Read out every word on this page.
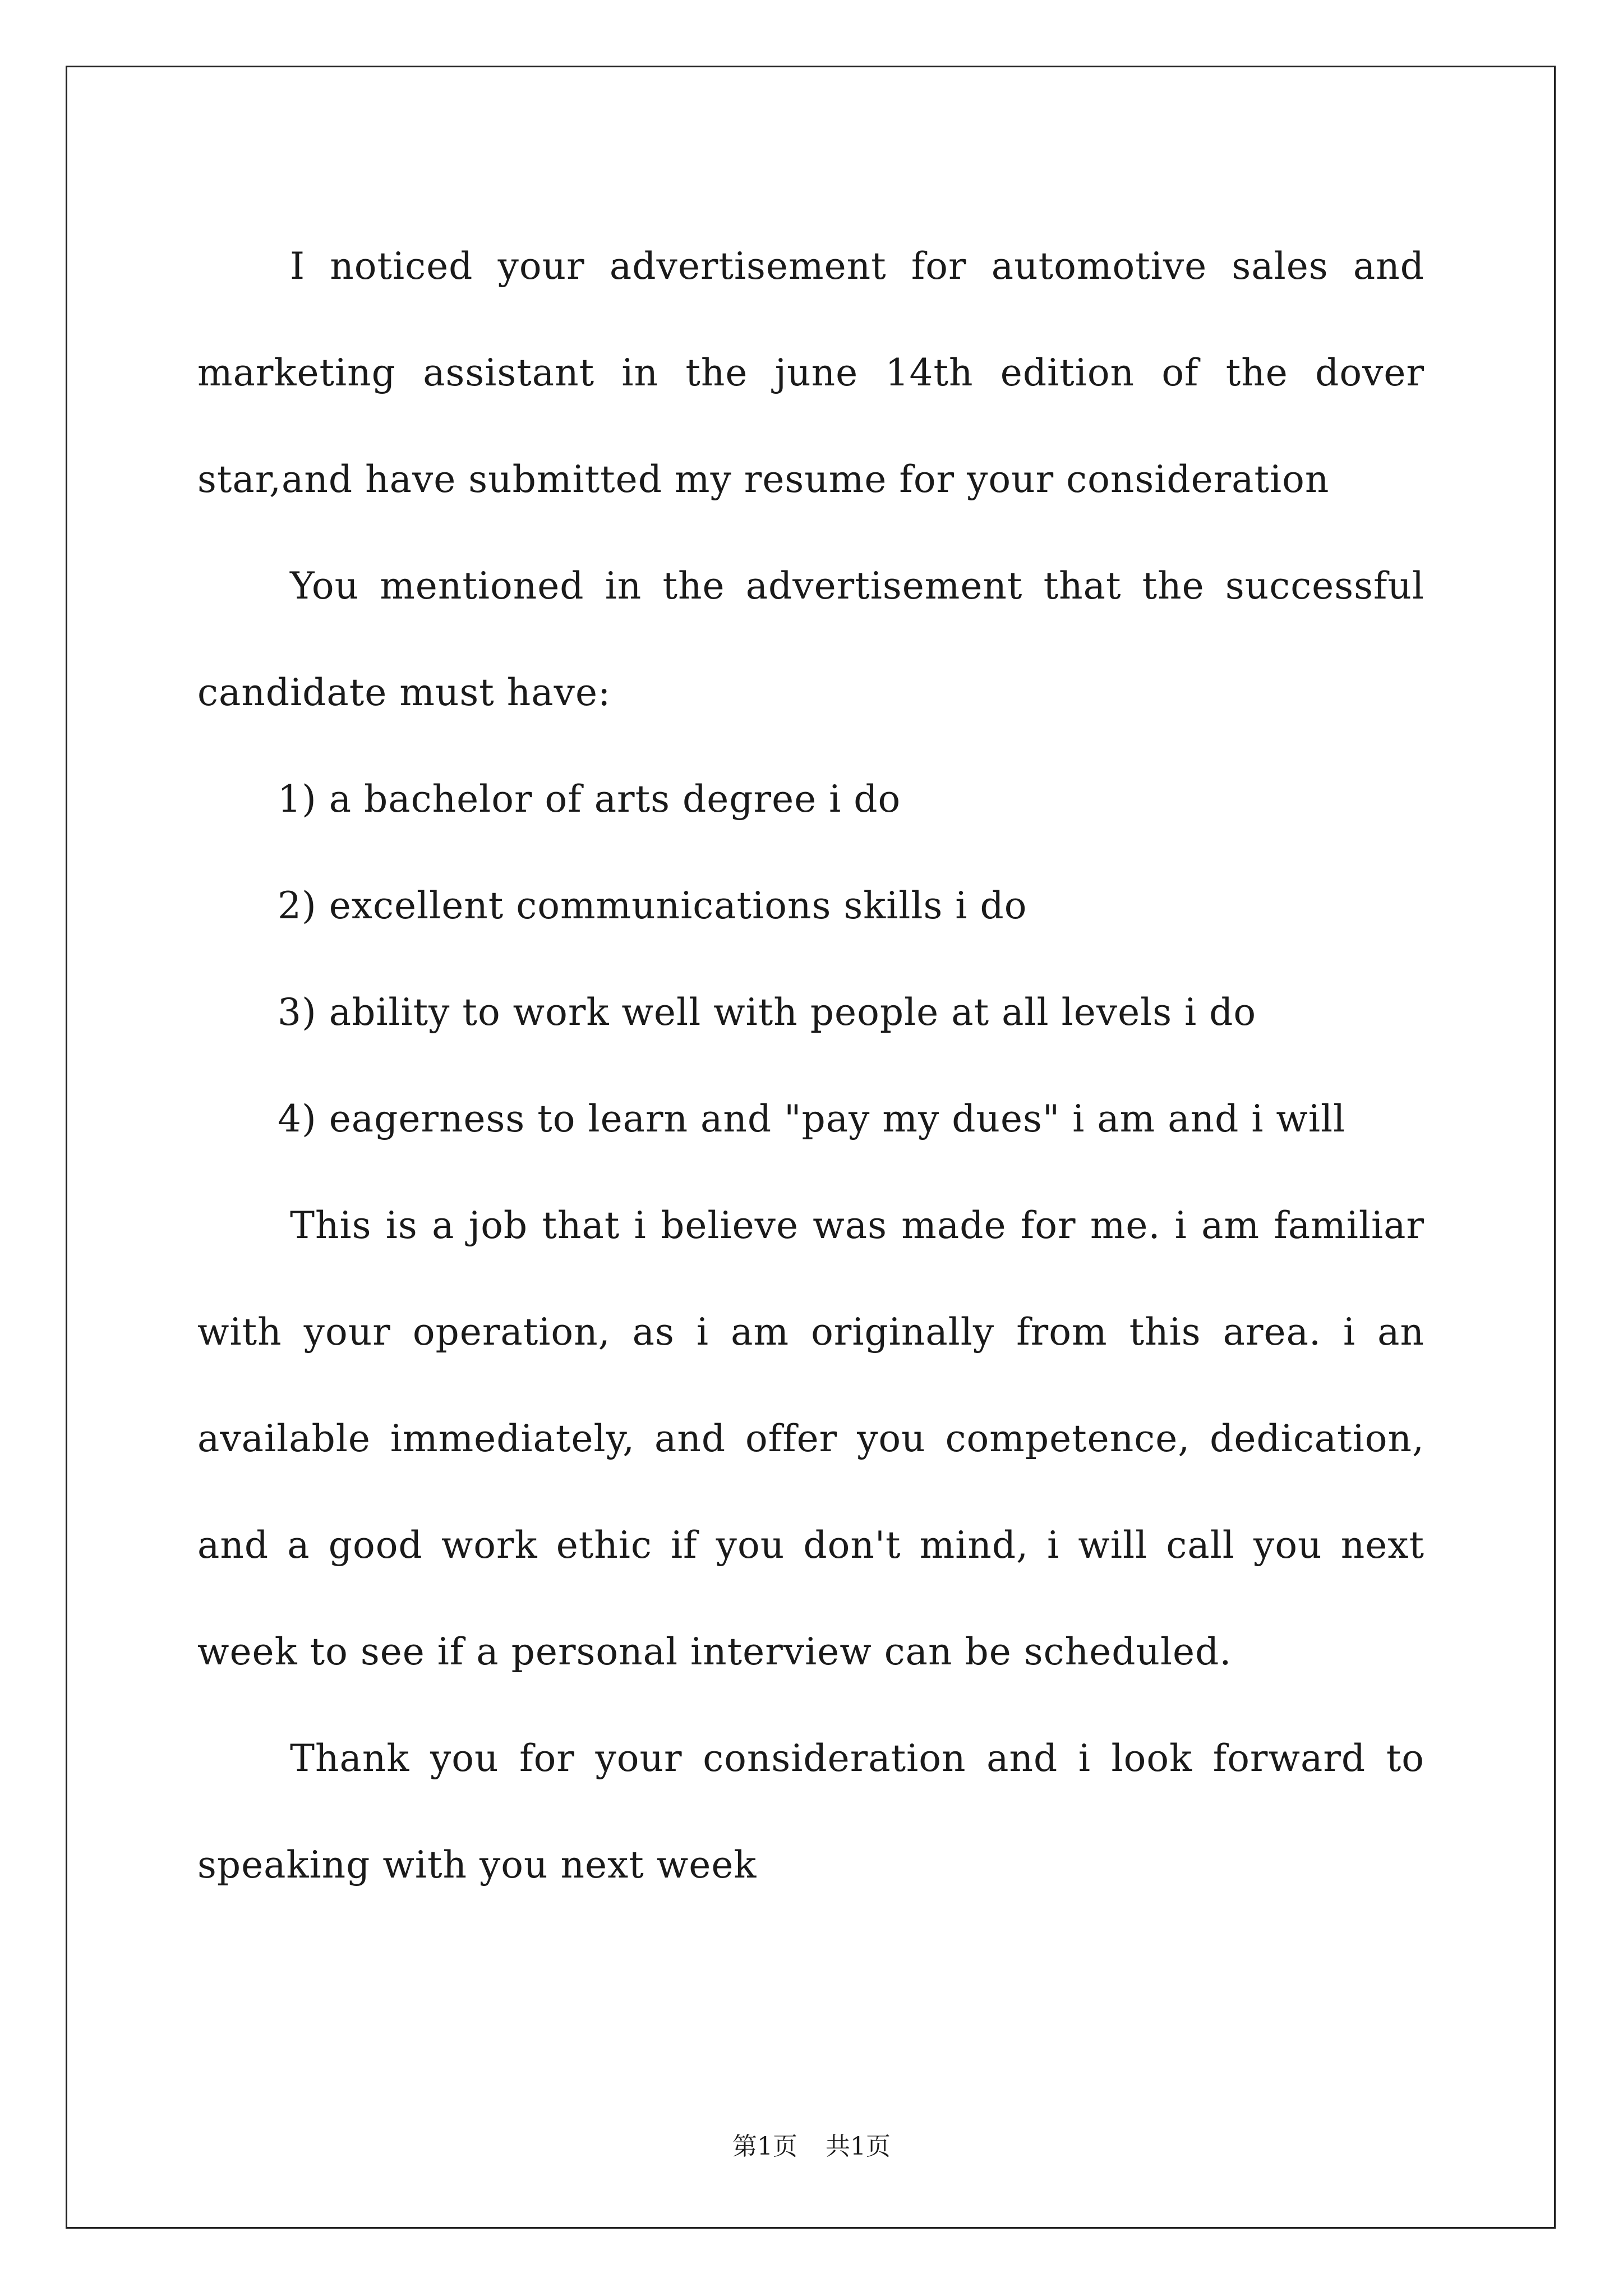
I noticed your advertisement for automotive sales and marketing assistant in the june 14th edition of the dover star,and have submitted my resume for your consideration

You mentioned in the advertisement that the successful candidate must have:

1) a bachelor of arts degree i do

2) excellent communications skills i do

3) ability to work well with people at all levels i do

4) eagerness to learn and "pay my dues" i am and i will

This is a job that i believe was made for me. i am familiar with your operation, as i am originally from this area. i an available immediately, and offer you competence, dedication, and a good work ethic if you don't mind, i will call you next week to see if a personal interview can be scheduled.

Thank you for your consideration and i look forward to speaking with you next week

第1页 共1页
